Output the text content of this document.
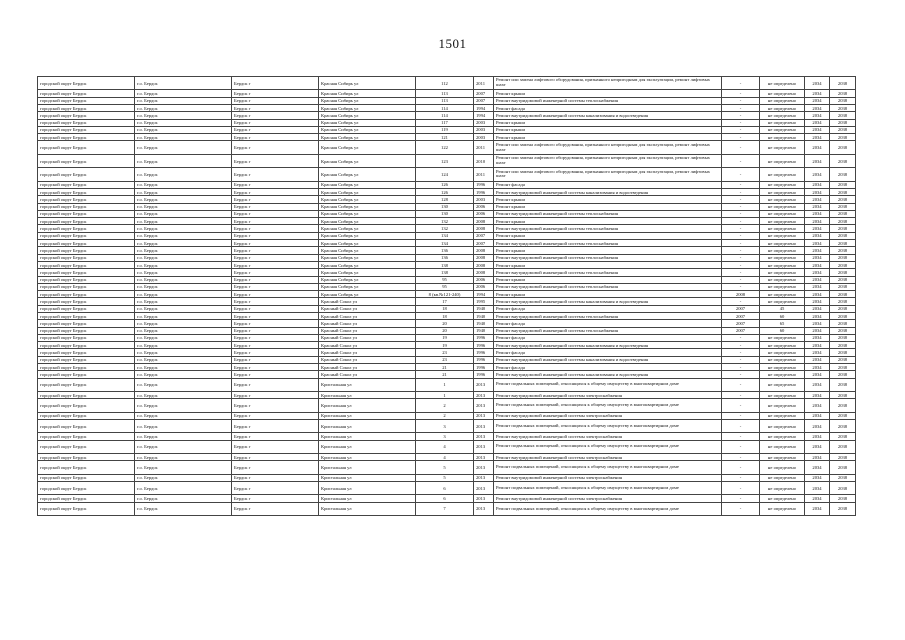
1501
городской округ Бердск	г.о. Бердск	Бердск г	Красная Сибирь ул	112	2011	Ремонт или замена лифтового оборудования, признанного непригодным для эксплуатации, ремонт лифтовых шахт	-	не определено	2034	2038
городской округ Бердск	г.о. Бердск	Бердск г	Красная Сибирь ул	113	2007	Ремонт крыши	-	не определено	2034	2038
городской округ Бердск	г.о. Бердск	Бердск г	Красная Сибирь ул	113	2007	Ремонт внутридомовой инженерной системы теплоснабжения	-	не определено	2034	2038
городской округ Бердск	г.о. Бердск	Бердск г	Красная Сибирь ул	114	1994	Ремонт фасада	-	не определено	2034	2038
городской округ Бердск	г.о. Бердск	Бердск г	Красная Сибирь ул	114	1994	Ремонт внутридомовой инженерной системы канализования и водоотведения	-	не определено	2034	2038
городской округ Бердск	г.о. Бердск	Бердск г	Красная Сибирь ул	117	2003	Ремонт крыши	-	не определено	2034	2038
городской округ Бердск	г.о. Бердск	Бердск г	Красная Сибирь ул	119	2003	Ремонт крыши	-	не определено	2034	2038
городской округ Бердск	г.о. Бердск	Бердск г	Красная Сибирь ул	121	2003	Ремонт крыши	-	не определено	2034	2038
городской округ Бердск	г.о. Бердск	Бердск г	Красная Сибирь ул	122	2011	Ремонт или замена лифтового оборудования, признанного непригодным для эксплуатации, ремонт лифтовых шахт	-	не определено	2034	2038
городской округ Бердск	г.о. Бердск	Бердск г	Красная Сибирь ул	123	2010	Ремонт или замена лифтового оборудования, признанного непригодным для эксплуатации, ремонт лифтовых шахт	-	не определено	2034	2038
городской округ Бердск	г.о. Бердск	Бердск г	Красная Сибирь ул	124	2011	Ремонт или замена лифтового оборудования, признанного непригодным для эксплуатации, ремонт лифтовых шахт	-	не определено	2034	2038
городской округ Бердск	г.о. Бердск	Бердск г	Красная Сибирь ул	126	1996	Ремонт фасада	-	не определено	2034	2038
городской округ Бердск	г.о. Бердск	Бердск г	Красная Сибирь ул	126	1996	Ремонт внутридомовой инженерной системы канализования и водоотведения	-	не определено	2034	2038
городской округ Бердск	г.о. Бердск	Бердск г	Красная Сибирь ул	128	2003	Ремонт крыши	-	не определено	2034	2038
городской округ Бердск	г.о. Бердск	Бердск г	Красная Сибирь ул	130	2006	Ремонт крыши	-	не определено	2034	2038
городской округ Бердск	г.о. Бердск	Бердск г	Красная Сибирь ул	130	2006	Ремонт внутридомовой инженерной системы теплоснабжения	-	не определено	2034	2038
городской округ Бердск	г.о. Бердск	Бердск г	Красная Сибирь ул	132	2008	Ремонт крыши	-	не определено	2034	2038
городской округ Бердск	г.о. Бердск	Бердск г	Красная Сибирь ул	132	2008	Ремонт внутридомовой инженерной системы теплоснабжения	-	не определено	2034	2038
городской округ Бердск	г.о. Бердск	Бердск г	Красная Сибирь ул	134	2007	Ремонт крыши	-	не определено	2034	2038
городской округ Бердск	г.о. Бердск	Бердск г	Красная Сибирь ул	134	2007	Ремонт внутридомовой инженерной системы теплоснабжения	-	не определено	2034	2038
городской округ Бердск	г.о. Бердск	Бердск г	Красная Сибирь ул	136	2008	Ремонт крыши	-	не определено	2034	2038
городской округ Бердск	г.о. Бердск	Бердск г	Красная Сибирь ул	136	2008	Ремонт внутридомовой инженерной системы теплоснабжения	-	не определено	2034	2038
городской округ Бердск	г.о. Бердск	Бердск г	Красная Сибирь ул	138	2008	Ремонт крыши	-	не определено	2034	2038
городской округ Бердск	г.о. Бердск	Бердск г	Красная Сибирь ул	138	2008	Ремонт внутридомовой инженерной системы теплоснабжения	-	не определено	2034	2038
городской округ Бердск	г.о. Бердск	Бердск г	Красная Сибирь ул	95	2006	Ремонт крыши	-	не определено	2034	2038
городской округ Бердск	г.о. Бердск	Бердск г	Красная Сибирь ул	95	2006	Ремонт внутридомовой инженерной системы теплоснабжения	-	не определено	2034	2038
городской округ Бердск	г.о. Бердск	Бердск г	Красная Сибирь ул	8 (кв.№121-240)	1994	Ремонт крыши	2008	не определено	2034	2038
городской округ Бердск	г.о. Бердск	Бердск г	Красный Сокол ул	17	1995	Ремонт внутридомовой инженерной системы канализования и водоотведения	-	не определено	2034	2038
городской округ Бердск	г.о. Бердск	Бердск г	Красный Сокол ул	18	1940	Ремонт фасада	2007	45	2034	2038
городской округ Бердск	г.о. Бердск	Бердск г	Красный Сокол ул	18	1940	Ремонт внутридомовой инженерной системы теплоснабжения	2007	60	2034	2038
городской округ Бердск	г.о. Бердск	Бердск г	Красный Сокол ул	20	1940	Ремонт фасада	2007	65	2034	2038
городской округ Бердск	г.о. Бердск	Бердск г	Красный Сокол ул	20	1940	Ремонт внутридомовой инженерной системы теплоснабжения	2007	60	2034	2038
городской округ Бердск	г.о. Бердск	Бердск г	Красный Сокол ул	19	1996	Ремонт фасада	-	не определено	2034	2038
городской округ Бердск	г.о. Бердск	Бердск г	Красный Сокол ул	19	1996	Ремонт внутридомовой инженерной системы канализования и водоотведения	-	не определено	2034	2038
городской округ Бердск	г.о. Бердск	Бердск г	Красный Сокол ул	23	1996	Ремонт фасада	-	не определено	2034	2038
городской округ Бердск	г.о. Бердск	Бердск г	Красный Сокол ул	23	1996	Ремонт внутридомовой инженерной системы канализования и водоотведения	-	не определено	2034	2038
городской округ Бердск	г.о. Бердск	Бердск г	Красный Сокол ул	21	1996	Ремонт фасада	-	не определено	2034	2038
городской округ Бердск	г.о. Бердск	Бердск г	Красный Сокол ул	21	1996	Ремонт внутридомовой инженерной системы канализования и водоотведения	-	не определено	2034	2038
городской округ Бердск	г.о. Бердск	Бердск г	Кристальная ул	1	2013	Ремонт подвальных помещений, относящихся к общему имуществу в многоквартирном доме	-	не определено	2034	2038
городской округ Бердск	г.о. Бердск	Бердск г	Кристальная ул	1	2013	Ремонт внутридомовой инженерной системы электроснабжения	-	не определено	2034	2038
городской округ Бердск	г.о. Бердск	Бердск г	Кристальная ул	2	2013	Ремонт подвальных помещений, относящихся к общему имуществу в многоквартирном доме	-	не определено	2034	2038
городской округ Бердск	г.о. Бердск	Бердск г	Кристальная ул	2	2013	Ремонт внутридомовой инженерной системы электроснабжения	-	не определено	2034	2038
городской округ Бердск	г.о. Бердск	Бердск г	Кристальная ул	3	2013	Ремонт подвальных помещений, относящихся к общему имуществу в многоквартирном доме	-	не определено	2034	2038
городской округ Бердск	г.о. Бердск	Бердск г	Кристальная ул	3	2013	Ремонт внутридомовой инженерной системы электроснабжения	-	не определено	2034	2038
городской округ Бердск	г.о. Бердск	Бердск г	Кристальная ул	4	2013	Ремонт подвальных помещений, относящихся к общему имуществу в многоквартирном доме	-	не определено	2034	2038
городской округ Бердск	г.о. Бердск	Бердск г	Кристальная ул	4	2013	Ремонт внутридомовой инженерной системы электроснабжения	-	не определено	2034	2038
городской округ Бердск	г.о. Бердск	Бердск г	Кристальная ул	5	2013	Ремонт подвальных помещений, относящихся к общему имуществу в многоквартирном доме	-	не определено	2034	2038
городской округ Бердск	г.о. Бердск	Бердск г	Кристальная ул	5	2013	Ремонт внутридомовой инженерной системы электроснабжения	-	не определено	2034	2038
городской округ Бердск	г.о. Бердск	Бердск г	Кристальная ул	6	2013	Ремонт подвальных помещений, относящихся к общему имуществу в многоквартирном доме	-	не определено	2034	2038
городской округ Бердск	г.о. Бердск	Бердск г	Кристальная ул	6	2013	Ремонт внутридомовой инженерной системы электроснабжения	-	не определено	2034	2038
городской округ Бердск	г.о. Бердск	Бердск г	Кристальная ул	7	2013	Ремонт подвальных помещений, относящихся к общему имуществу в многоквартирном доме	-	не определено	2034	2038
